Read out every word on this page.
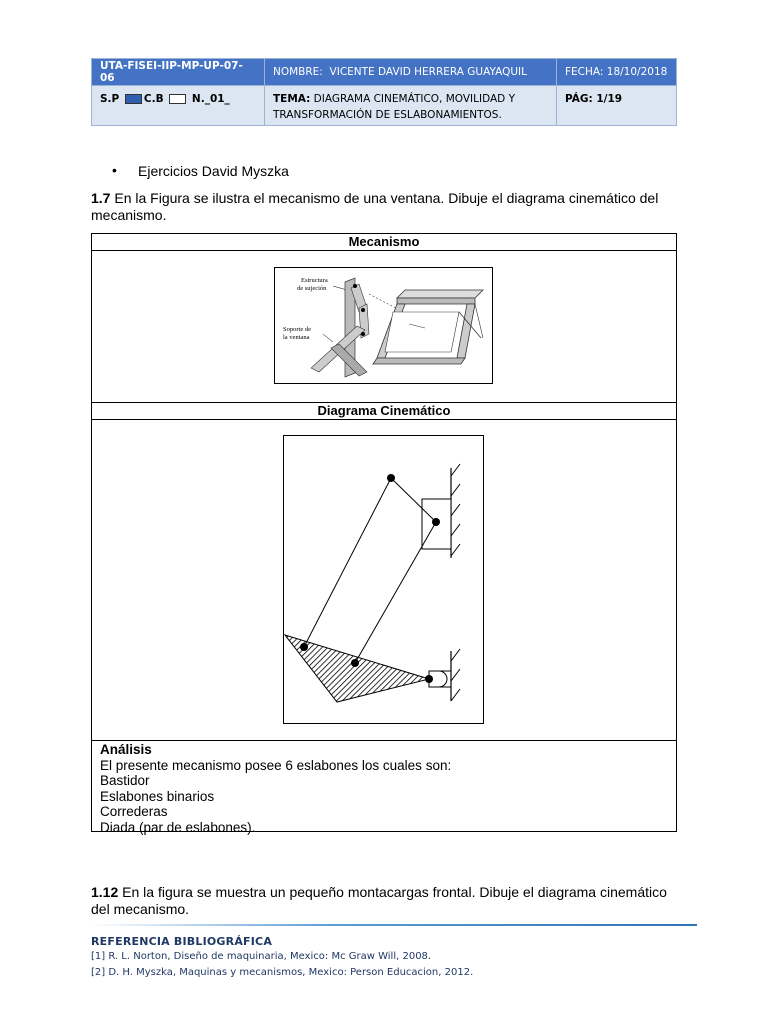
UTA-FISEI-IIP-MP-UP-07-06	NOMBRE: VICENTE DAVID HERRERA GUAYAQUIL	FECHA: 18/10/2018
S.P C.B N._01_	TEMA: DIAGRAMA CINEMÁTICO, MOVILIDAD Y
TRANSFORMACIÓN DE ESLABONAMIENTOS.	PÁG: 1/19
• Ejercicios David Myszka
1.7 En la Figura se ilustra el mecanismo de una ventana. Dibuje el diagrama cinemático del
mecanismo.
Mecanismo
Estructura
de sujeción
Soporte de
la ventana
Diagrama Cinemático
Análisis
El presente mecanismo posee 6 eslabones los cuales son:
Bastidor
Eslabones binarios
Correderas
Diada (par de eslabones).
1.12 En la figura se muestra un pequeño montacargas frontal. Dibuje el diagrama cinemático
del mecanismo.
REFERENCIA BIBLIOGRÁFICA
[1] R. L. Norton, Diseño de maquinaria, Mexico: Mc Graw Will, 2008.
[2] D. H. Myszka, Maquinas y mecanismos, Mexico: Person Educacion, 2012.
